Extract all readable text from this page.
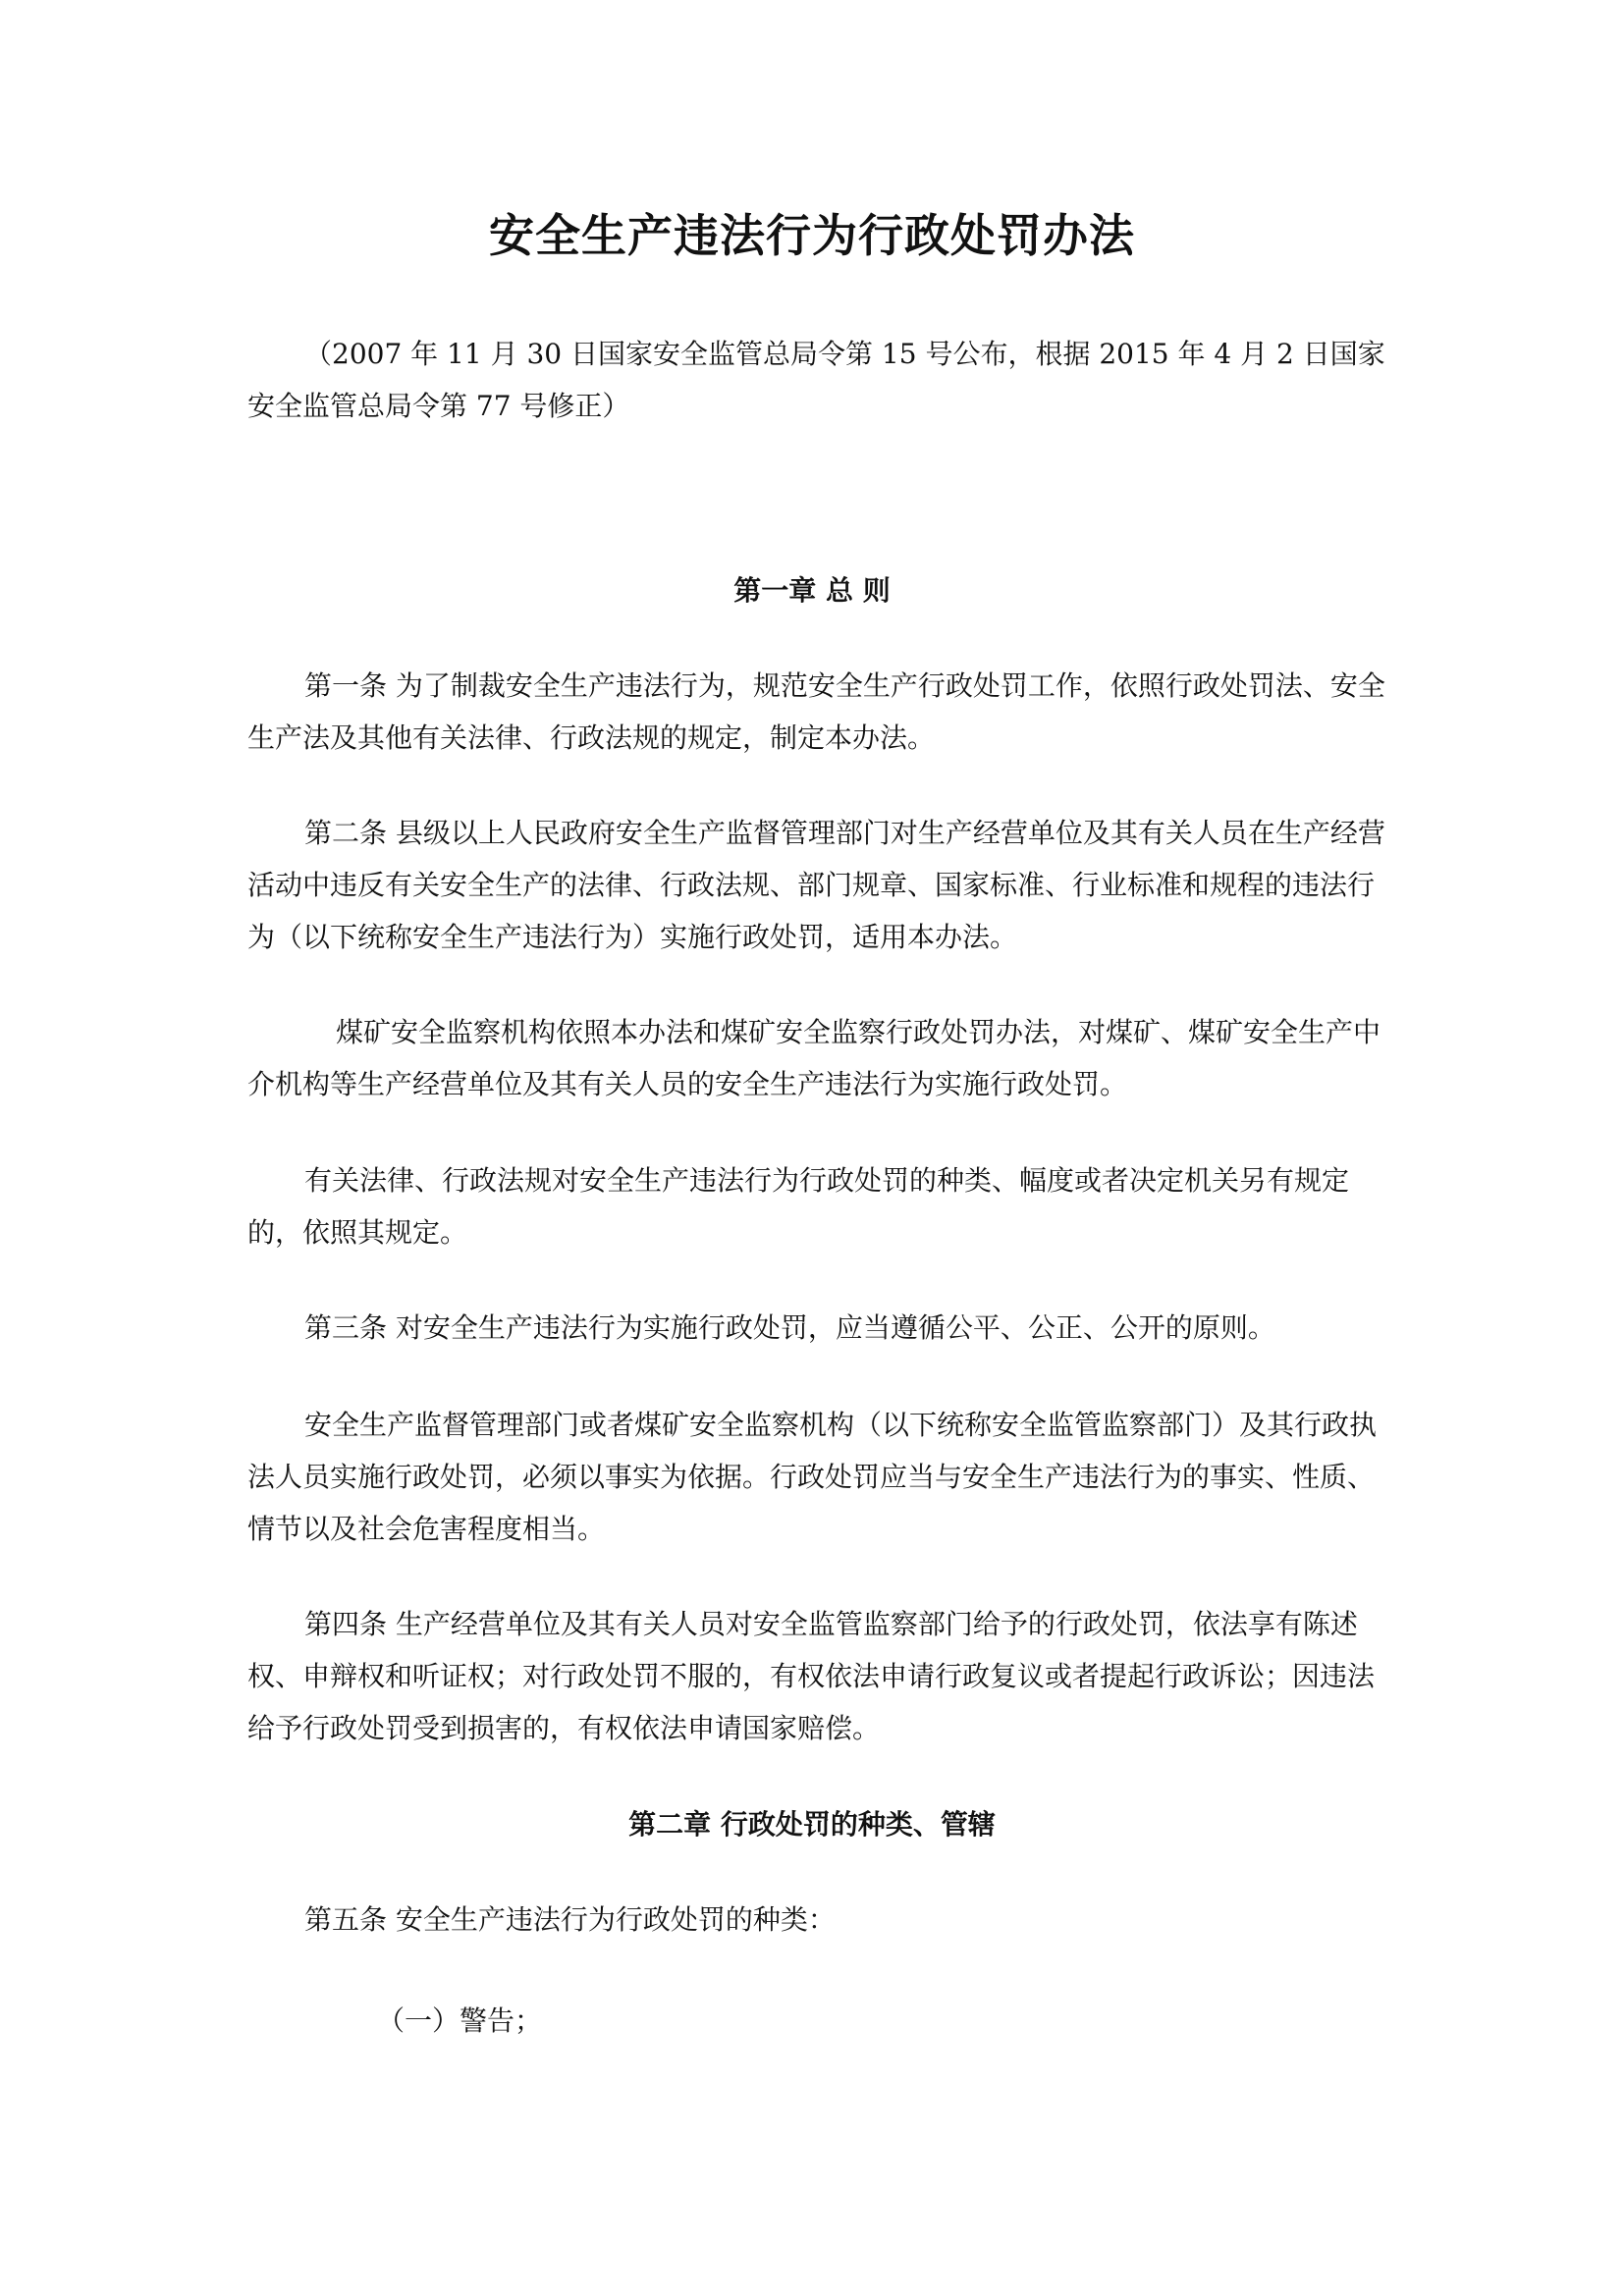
安全生产违法行为行政处罚办法

（2007 年 11 月 30 日国家安全监管总局令第 15 号公布，根据 2015 年 4 月 2 日国家安全监管总局令第 77 号修正）

第一章 总 则

第一条 为了制裁安全生产违法行为，规范安全生产行政处罚工作，依照行政处罚法、安全生产法及其他有关法律、行政法规的规定，制定本办法。

第二条 县级以上人民政府安全生产监督管理部门对生产经营单位及其有关人员在生产经营活动中违反有关安全生产的法律、行政法规、部门规章、国家标准、行业标准和规程的违法行为（以下统称安全生产违法行为）实施行政处罚，适用本办法。

煤矿安全监察机构依照本办法和煤矿安全监察行政处罚办法，对煤矿、煤矿安全生产中介机构等生产经营单位及其有关人员的安全生产违法行为实施行政处罚。

有关法律、行政法规对安全生产违法行为行政处罚的种类、幅度或者决定机关另有规定的，依照其规定。

第三条 对安全生产违法行为实施行政处罚，应当遵循公平、公正、公开的原则。

安全生产监督管理部门或者煤矿安全监察机构（以下统称安全监管监察部门）及其行政执法人员实施行政处罚，必须以事实为依据。行政处罚应当与安全生产违法行为的事实、性质、情节以及社会危害程度相当。

第四条 生产经营单位及其有关人员对安全监管监察部门给予的行政处罚，依法享有陈述权、申辩权和听证权；对行政处罚不服的，有权依法申请行政复议或者提起行政诉讼；因违法给予行政处罚受到损害的，有权依法申请国家赔偿。

第二章 行政处罚的种类、管辖

第五条 安全生产违法行为行政处罚的种类：

（一）警告；
